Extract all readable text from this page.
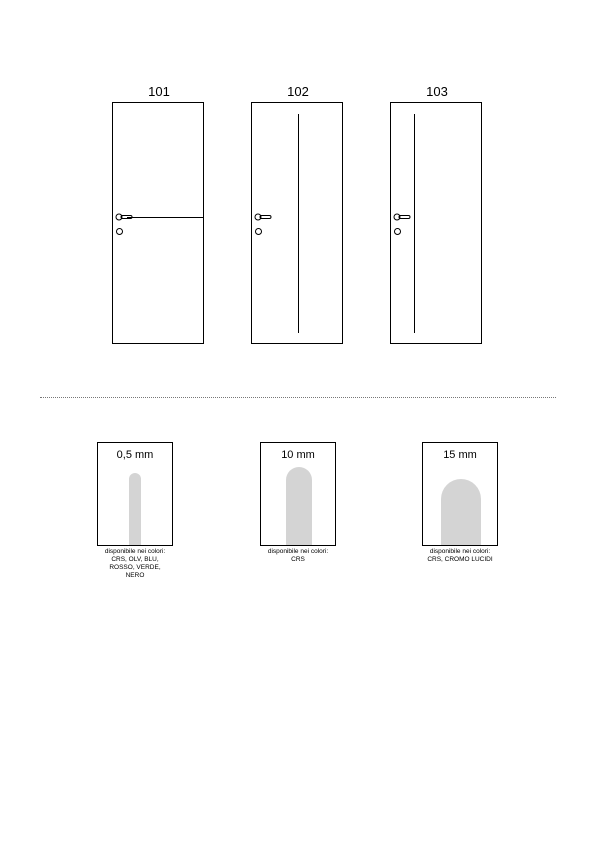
101	102	103
0,5 mm
disponibile nei colori:
CRS, OLV, BLU,
ROSSO, VERDE,
NERO
10 mm
disponibile nei colori:
CRS
15 mm
disponibile nei colori:
CRS, CROMO LUCIDI
